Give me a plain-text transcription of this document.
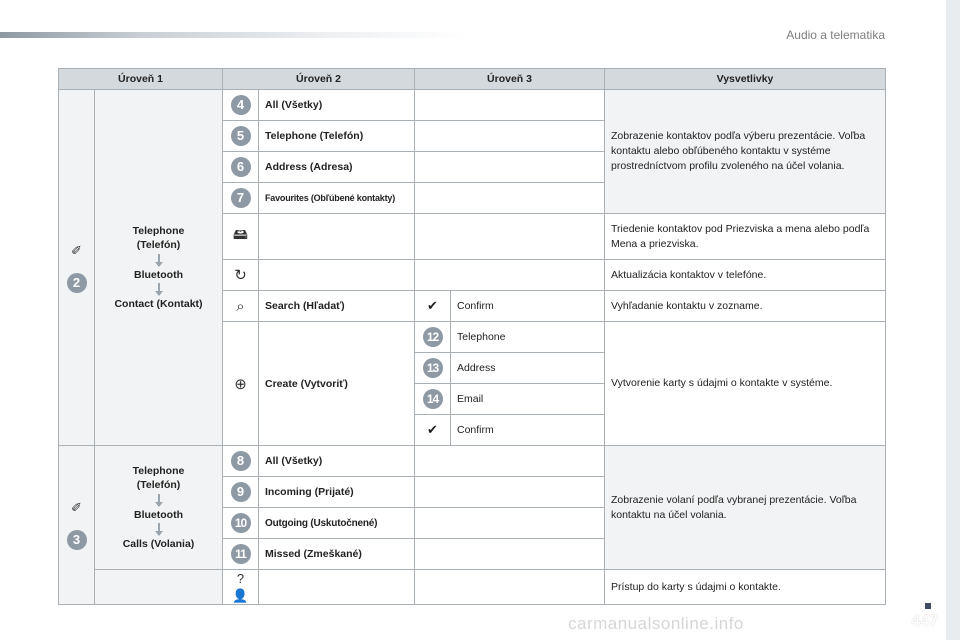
Audio a telematika
Úroveň 1		Úroveň 2		Úroveň 3		Vysvetlivky

✐
2	Telephone
(Telefón)
Bluetooth
Contact (Kontakt)	4	All (Všetky)			Zobrazenie kontaktov podľa výberu prezentácie. Voľba kontaktu alebo obľúbeného kontaktu v systéme prostredníctvom profilu zvoleného na účel volania.
		5	Telephone (Telefón)			
		6	Address (Adresa)			
		7	Favourites (Obľúbené kontakty)			
		🖴				Triedenie kontaktov pod Priezviska a mena alebo podľa Mena a priezviska.
		↻				Aktualizácia kontaktov v telefóne.
		⌕	Search (Hľadať)	✔	Confirm	Vyhľadanie kontaktu v zozname.
		⊕	Create (Vytvoriť)	12	Telephone	Vytvorenie karty s údajmi o kontakte v systéme.
				13	Address	
				14	Email	
				✔	Confirm	

✐
3	Telephone
(Telefón)
Bluetooth
Calls (Volania)	8	All (Všetky)			Zobrazenie volaní podľa vybranej prezentácie. Voľba kontaktu na účel volania.
		9	Incoming (Prijaté)			
		10	Outgoing (Uskutočnené)			
		11	Missed (Zmeškané)			
		?👤				Prístup do karty s údajmi o kontakte.
carmanualsonline.info	447
